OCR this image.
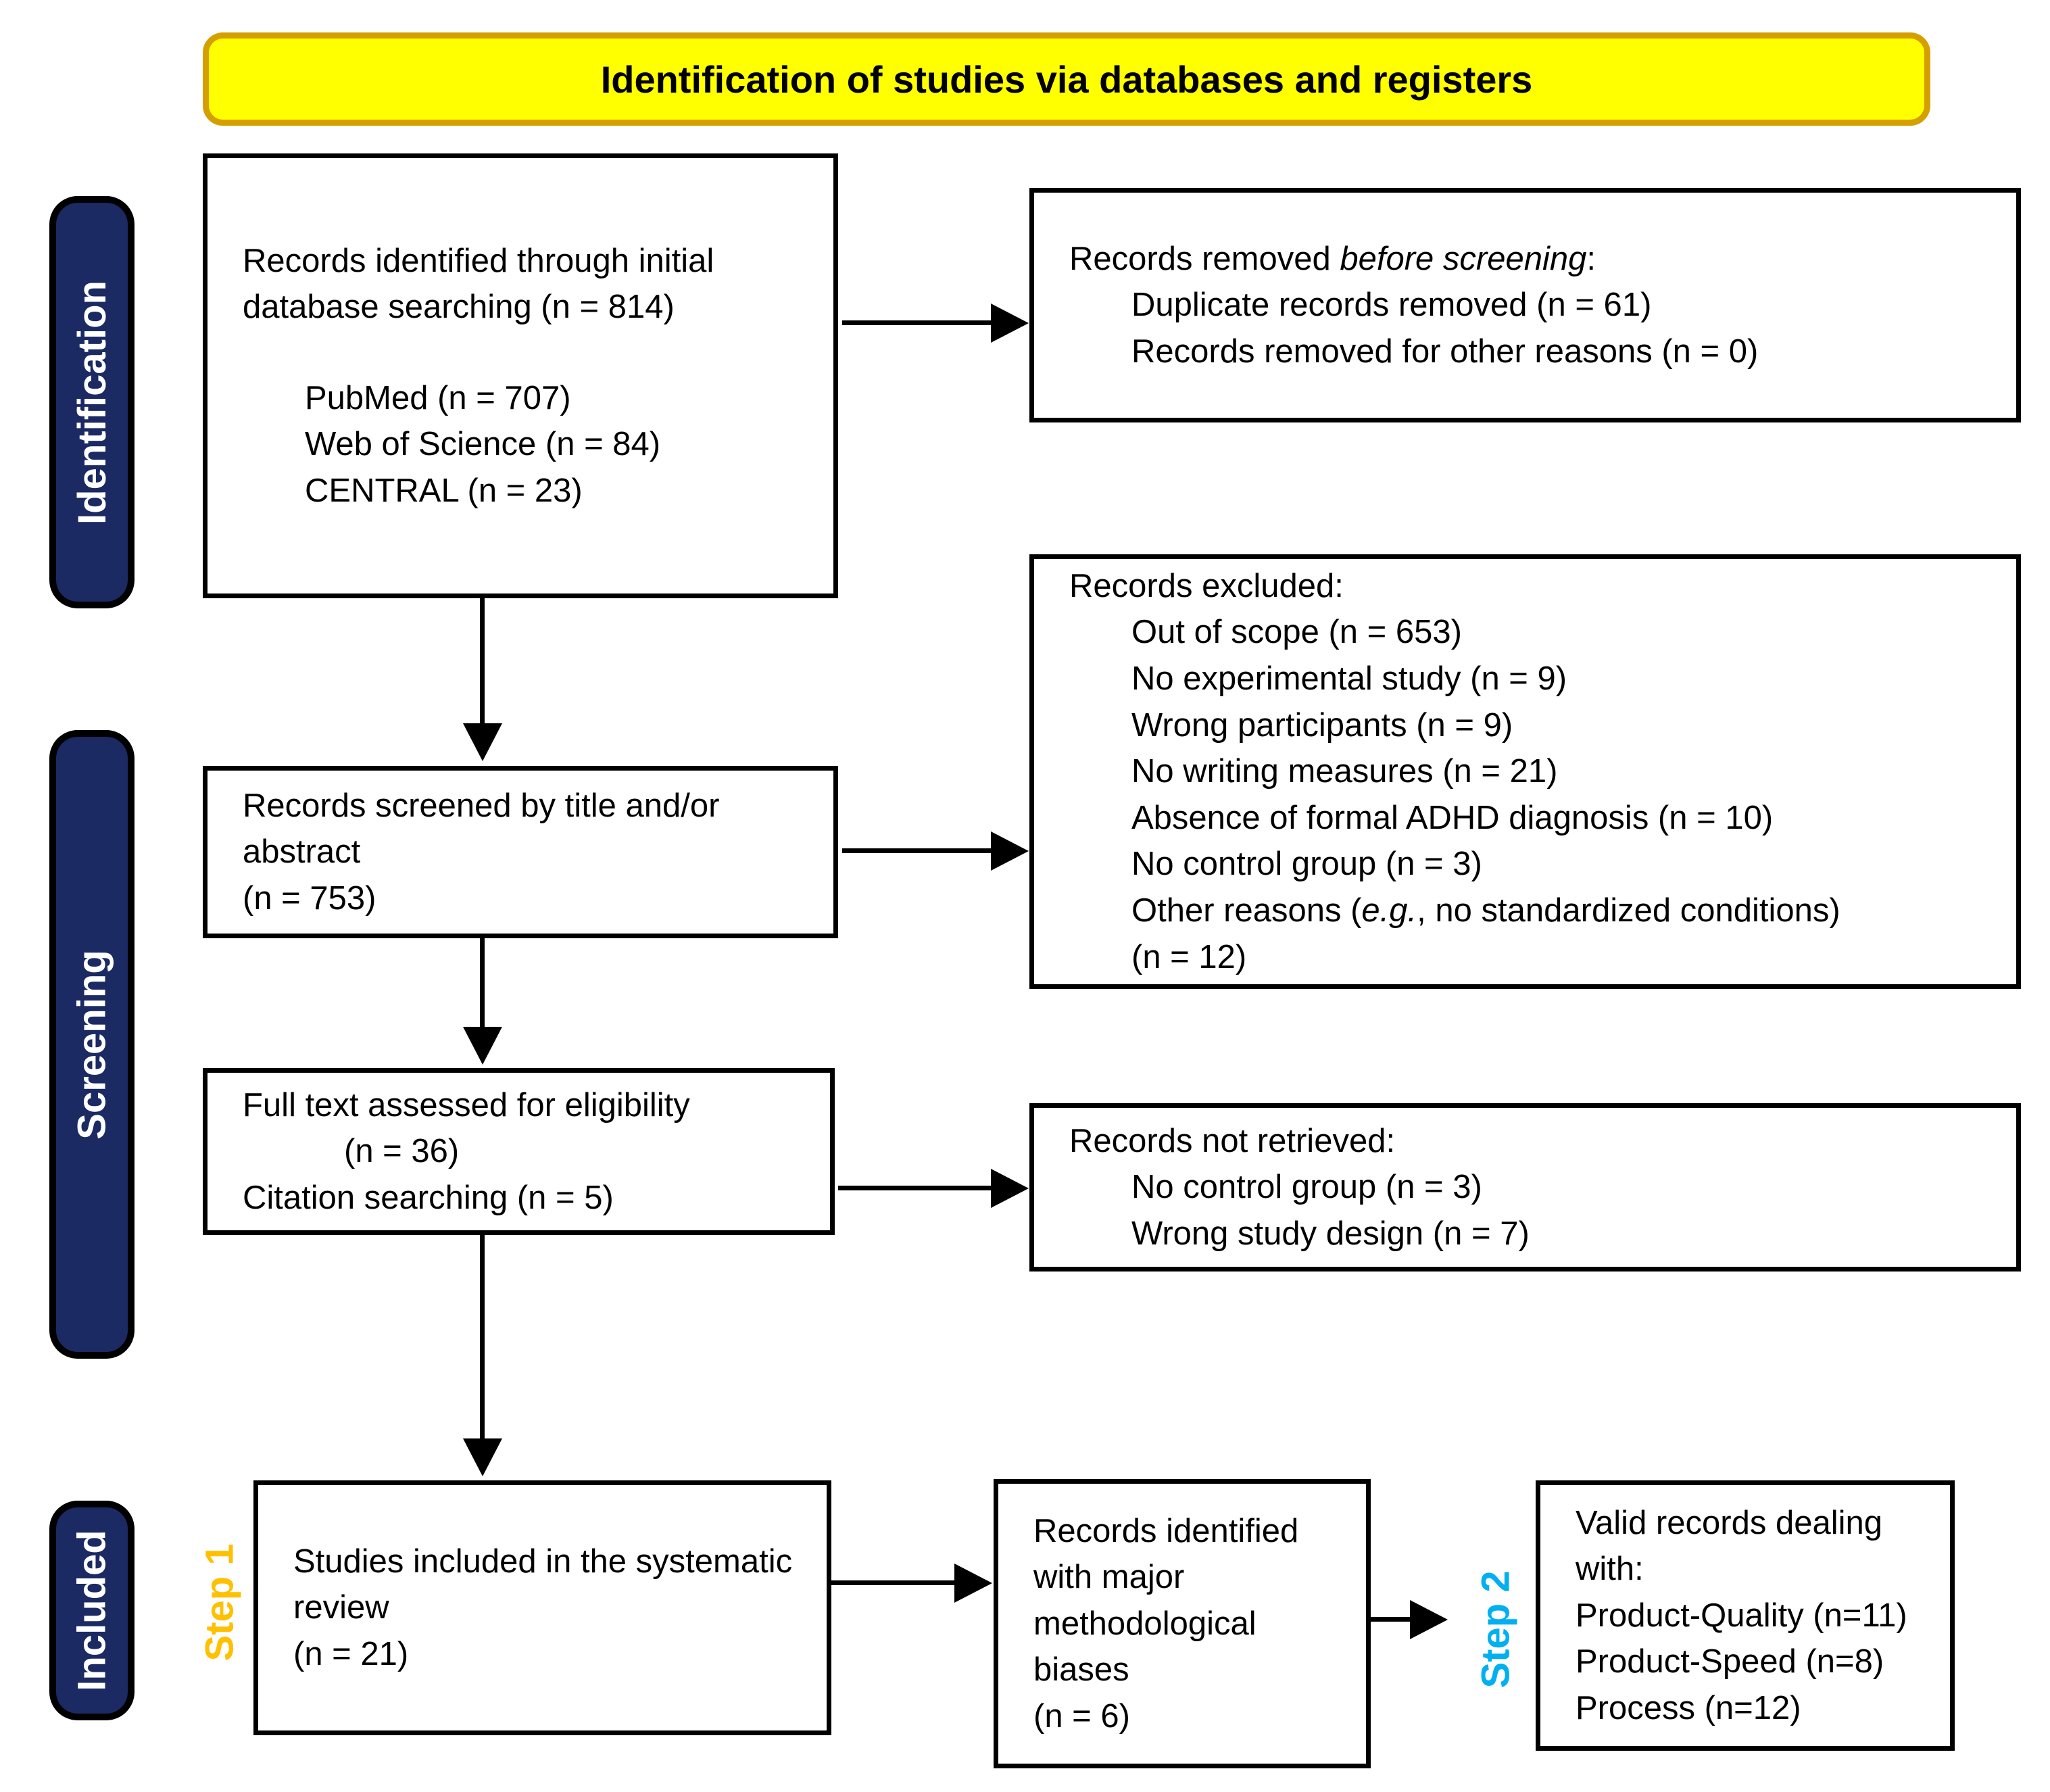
Identification of studies via databases and registers
Identification
Screening
Included
Records identified through initial database searching (n = 814)
PubMed (n = 707)
Web of Science (n = 84)
CENTRAL (n = 23)
Records removed before screening:
Duplicate records removed (n = 61)
Records removed for other reasons (n = 0)
Records screened by title and/or abstract
(n = 753)
Records excluded:
Out of scope (n = 653)
No experimental study (n = 9)
Wrong participants (n = 9)
No writing measures (n = 21)
Absence of formal ADHD diagnosis (n = 10)
No control group (n = 3)
Other reasons (e.g., no standardized conditions)
(n = 12)
Full text assessed for eligibility
(n = 36)
Citation searching (n = 5)
Records not retrieved:
No control group (n = 3)
Wrong study design (n = 7)
Studies included in the systematic review
(n = 21)
Records identified with major methodological biases
(n = 6)
Valid records dealing with:
Product-Quality (n=11)
Product-Speed (n=8)
Process (n=12)
Step 1	Step 2
